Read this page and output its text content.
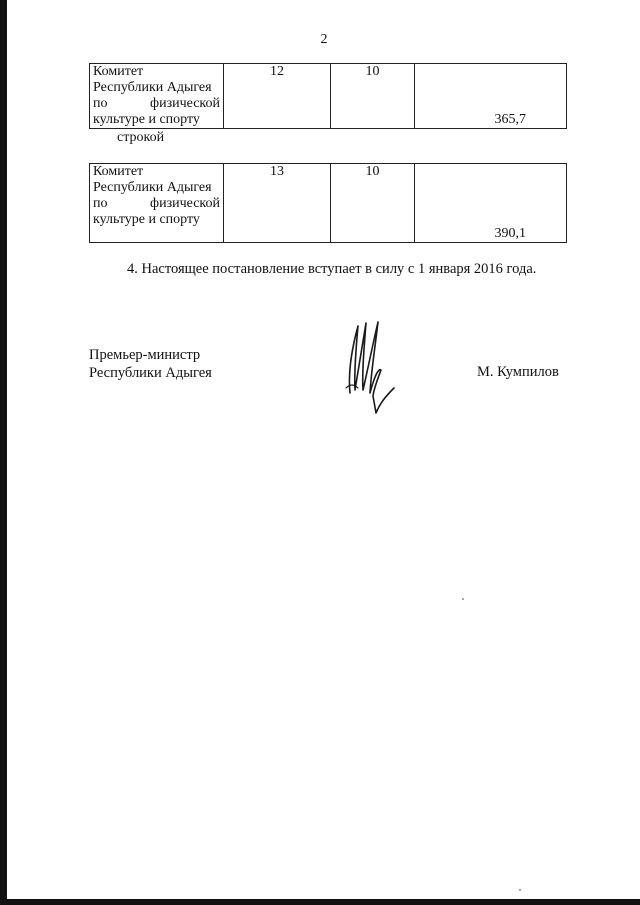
2
Комитет
Республики Адыгея
по	физической
культуре и спорту
	12	10	365,7
строкой
Комитет
Республики Адыгея
по	физической
культуре и спорту
	13	10	390,1
4. Настоящее постановление вступает в силу с 1 января 2016 года.
Премьер-министр
Республики Адыгея	М. Кумпилов
